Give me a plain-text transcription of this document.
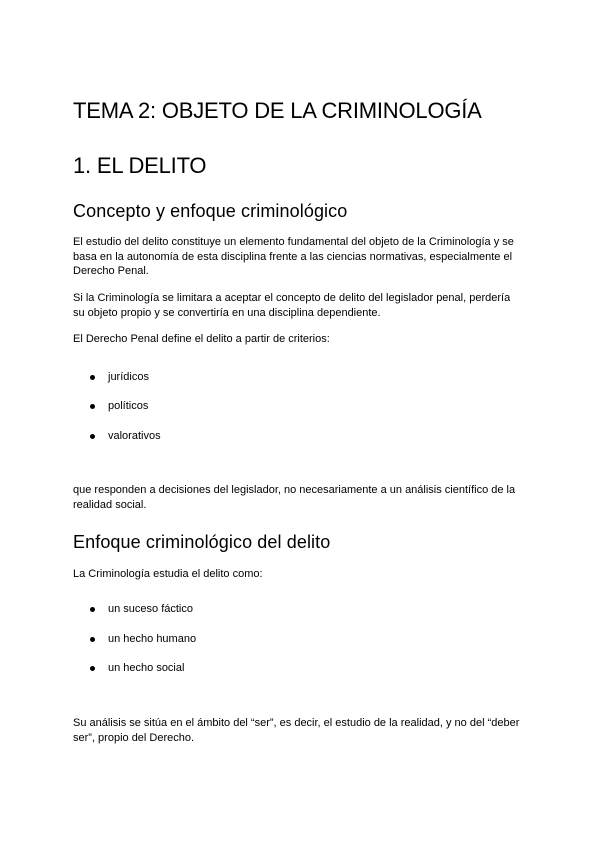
TEMA 2: OBJETO DE LA CRIMINOLOGÍA
1. EL DELITO
Concepto y enfoque criminológico

El estudio del delito constituye un elemento fundamental del objeto de la Criminología y se basa en la autonomía de esta disciplina frente a las ciencias normativas, especialmente el Derecho Penal.

Si la Criminología se limitara a aceptar el concepto de delito del legislador penal, perdería su objeto propio y se convertiría en una disciplina dependiente.

El Derecho Penal define el delito a partir de criterios:

jurídicos
políticos
valorativos

que responden a decisiones del legislador, no necesariamente a un análisis científico de la realidad social.

Enfoque criminológico del delito

La Criminología estudia el delito como:

un suceso fáctico
un hecho humano
un hecho social

Su análisis se sitúa en el ámbito del “ser”, es decir, el estudio de la realidad, y no del “deber ser”, propio del Derecho.
